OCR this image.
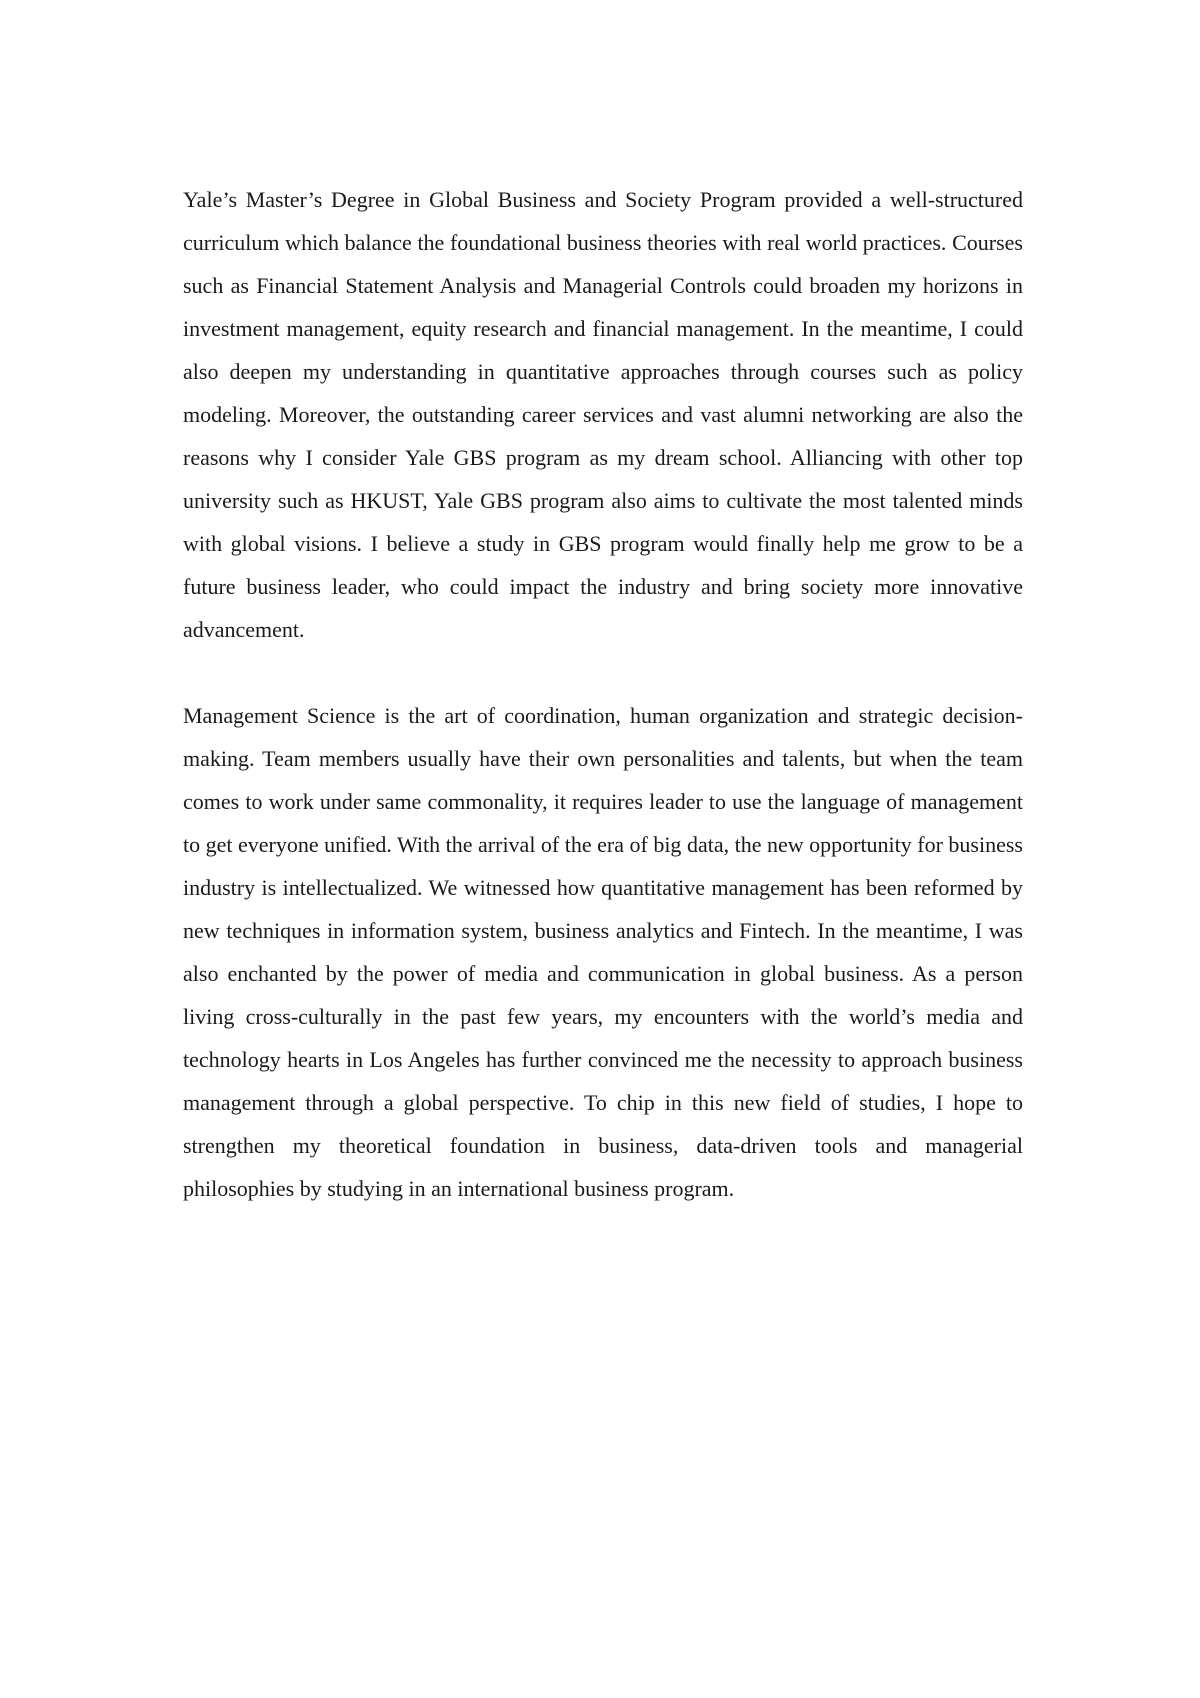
Yale’s Master’s Degree in Global Business and Society Program provided a well-structured curriculum which balance the foundational business theories with real world practices. Courses such as Financial Statement Analysis and Managerial Controls could broaden my horizons in investment management, equity research and financial management. In the meantime, I could also deepen my understanding in quantitative approaches through courses such as policy modeling. Moreover, the outstanding career services and vast alumni networking are also the reasons why I consider Yale GBS program as my dream school. Alliancing with other top university such as HKUST, Yale GBS program also aims to cultivate the most talented minds with global visions. I believe a study in GBS program would finally help me grow to be a future business leader, who could impact the industry and bring society more innovative advancement.

Management Science is the art of coordination, human organization and strategic decision-making. Team members usually have their own personalities and talents, but when the team comes to work under same commonality, it requires leader to use the language of management to get everyone unified. With the arrival of the era of big data, the new opportunity for business industry is intellectualized. We witnessed how quantitative management has been reformed by new techniques in information system, business analytics and Fintech. In the meantime, I was also enchanted by the power of media and communication in global business. As a person living cross-culturally in the past few years, my encounters with the world’s media and technology hearts in Los Angeles has further convinced me the necessity to approach business management through a global perspective. To chip in this new field of studies, I hope to strengthen my theoretical foundation in business, data-driven tools and managerial philosophies by studying in an international business program.
